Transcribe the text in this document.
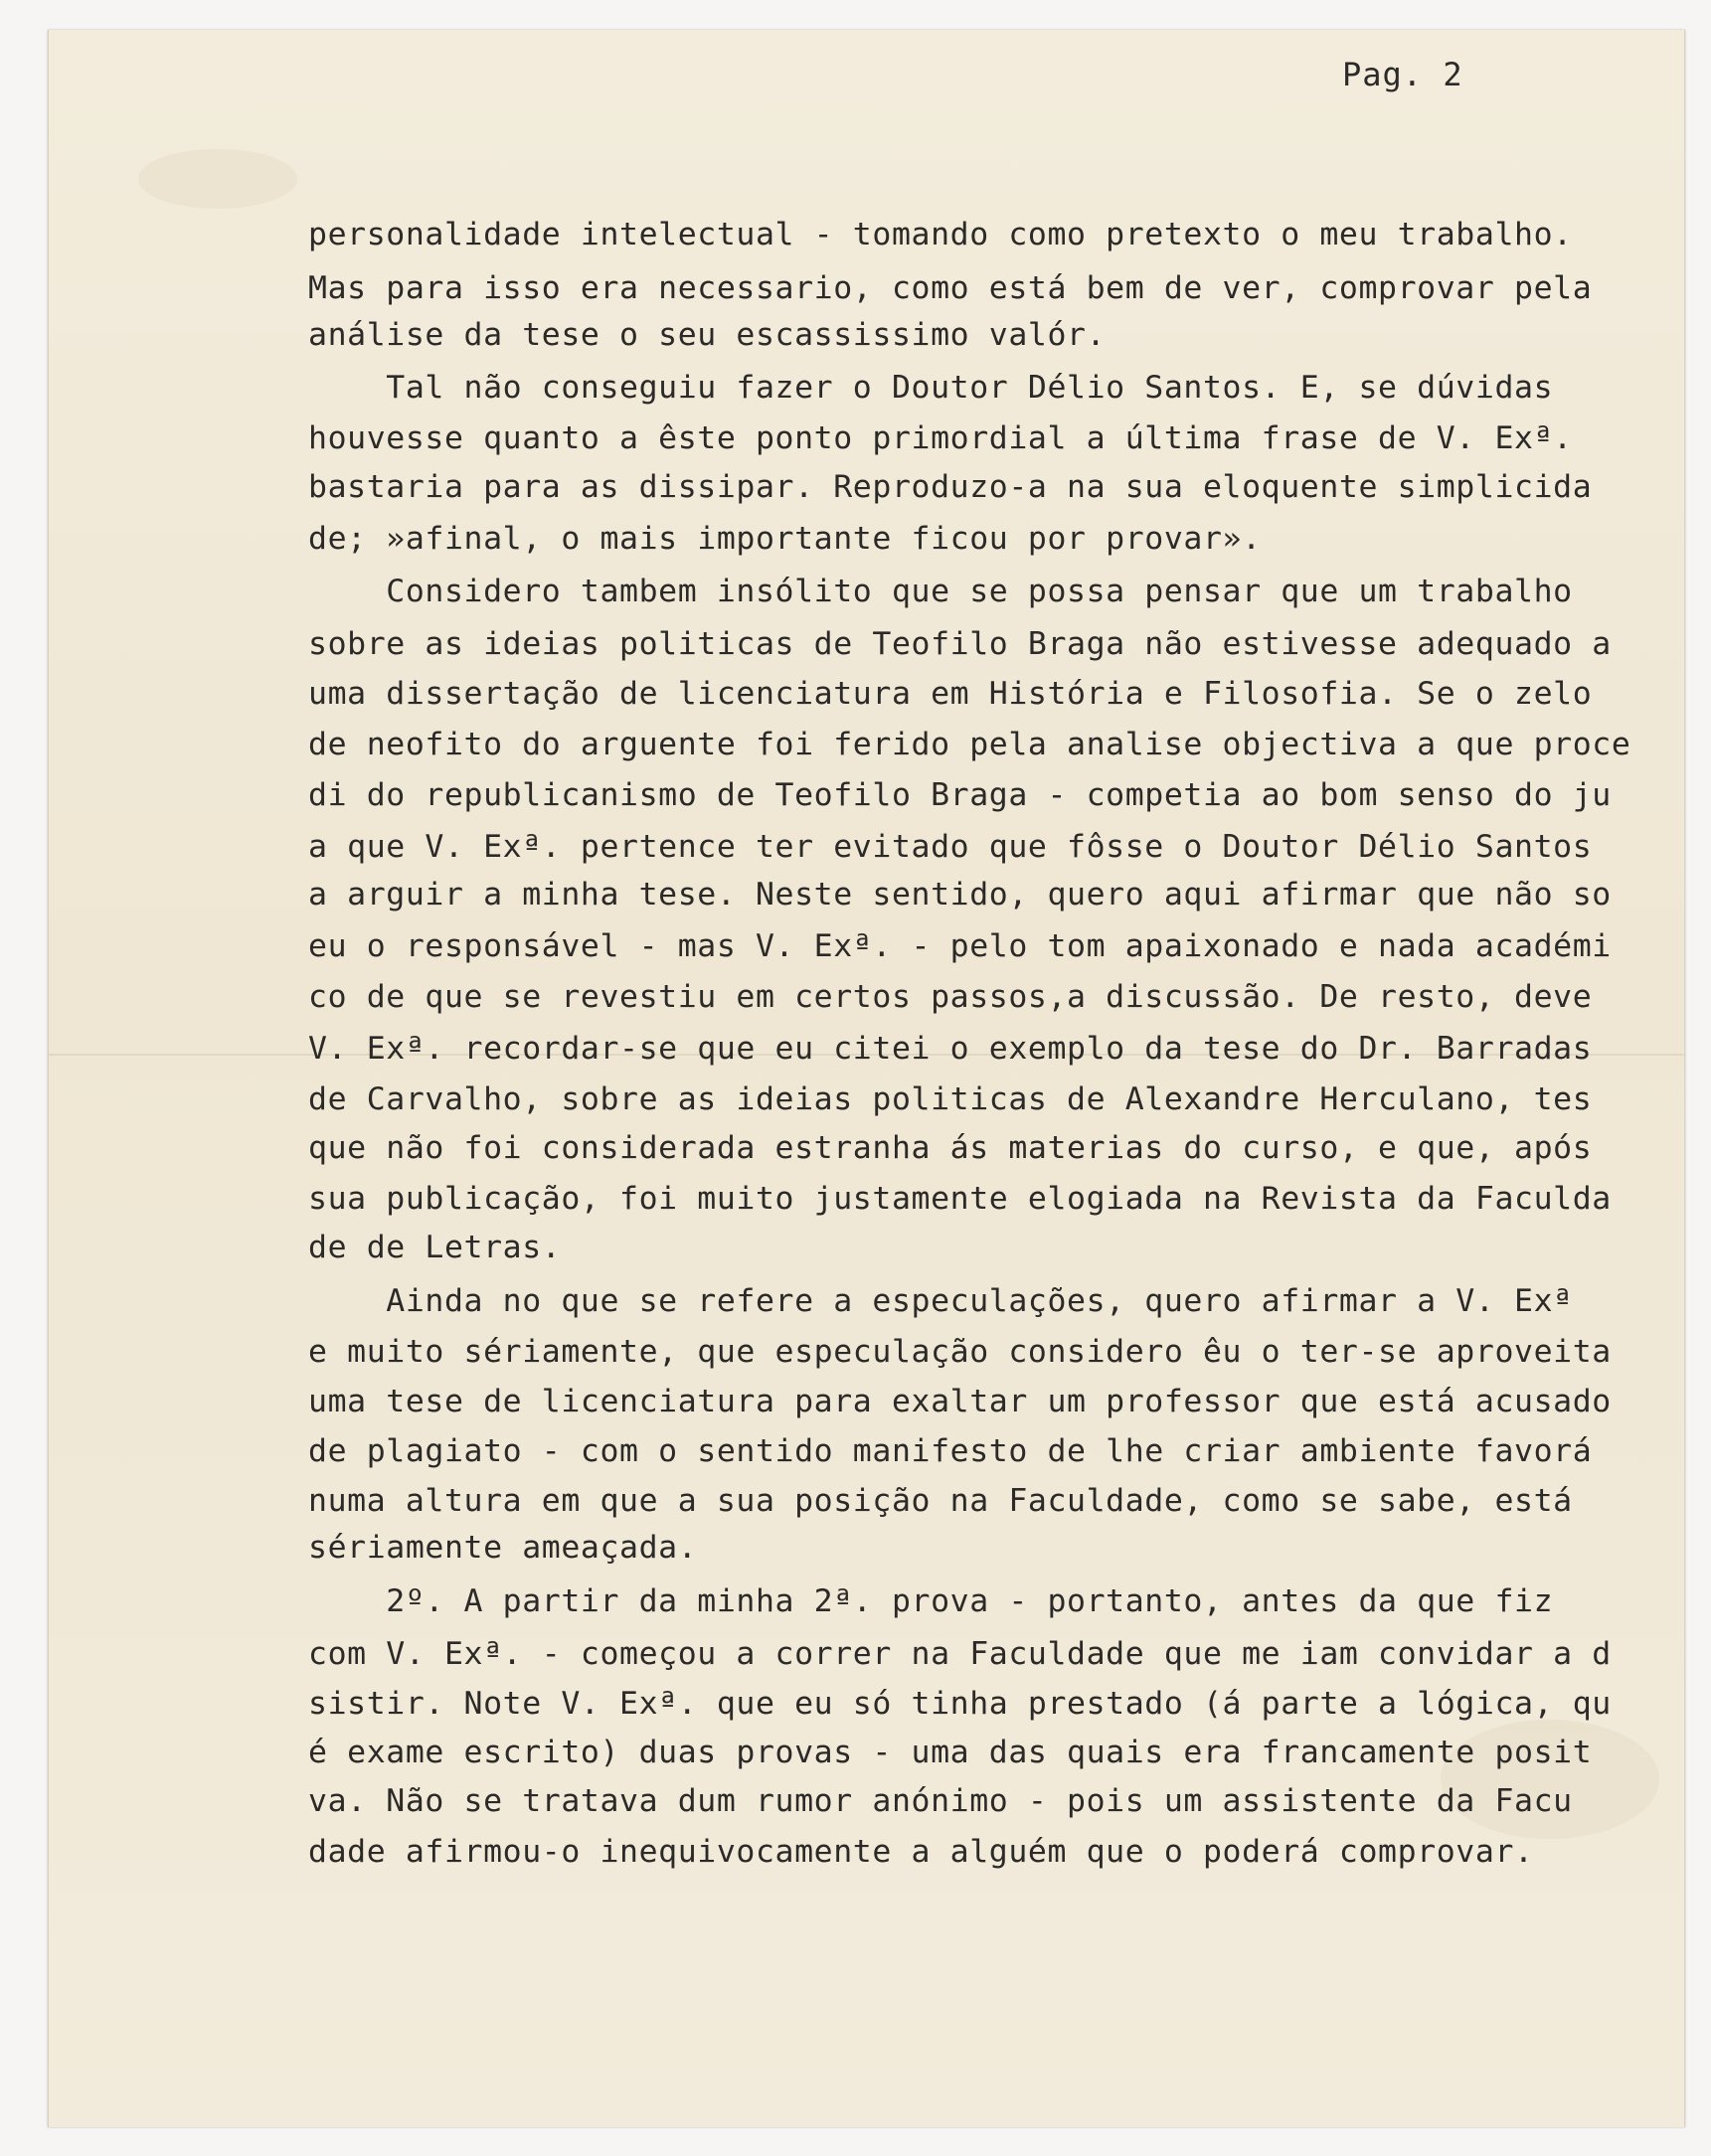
Pag. 2
personalidade intelectual - tomando como pretexto o meu trabalho.
Mas para isso era necessario, como está bem de ver, comprovar pela
análise da tese o seu escassissimo valór.
Tal não conseguiu fazer o Doutor Délio Santos. E, se dúvidas
houvesse quanto a êste ponto primordial a última frase de V. Exª.
bastaria para as dissipar. Reproduzo-a na sua eloquente simplicida
de; »afinal, o mais importante ficou por provar».
Considero tambem insólito que se possa pensar que um trabalho
sobre as ideias politicas de Teofilo Braga não estivesse adequado a
uma dissertação de licenciatura em História e Filosofia. Se o zelo
de neofito do arguente foi ferido pela analise objectiva a que proce
di do republicanismo de Teofilo Braga - competia ao bom senso do ju
a que V. Exª. pertence ter evitado que fôsse o Doutor Délio Santos
a arguir a minha tese. Neste sentido, quero aqui afirmar que não so
eu o responsável - mas V. Exª. - pelo tom apaixonado e nada académi
co de que se revestiu em certos passos,a discussão. De resto, deve
V. Exª. recordar-se que eu citei o exemplo da tese do Dr. Barradas
de Carvalho, sobre as ideias politicas de Alexandre Herculano, tes
que não foi considerada estranha ás materias do curso, e que, após
sua publicação, foi muito justamente elogiada na Revista da Faculda
de de Letras.
Ainda no que se refere a especulações, quero afirmar a V. Exª
e muito sériamente, que especulação considero êu o ter-se aproveita
uma tese de licenciatura para exaltar um professor que está acusado
de plagiato - com o sentido manifesto de lhe criar ambiente favorá
numa altura em que a sua posição na Faculdade, como se sabe, está
sériamente ameaçada.
2º. A partir da minha 2ª. prova - portanto, antes da que fiz
com V. Exª. - começou a correr na Faculdade que me iam convidar a d
sistir. Note V. Exª. que eu só tinha prestado (á parte a lógica, qu
é exame escrito) duas provas - uma das quais era francamente posit
va. Não se tratava dum rumor anónimo - pois um assistente da Facu
dade afirmou-o inequivocamente a alguém que o poderá comprovar.
